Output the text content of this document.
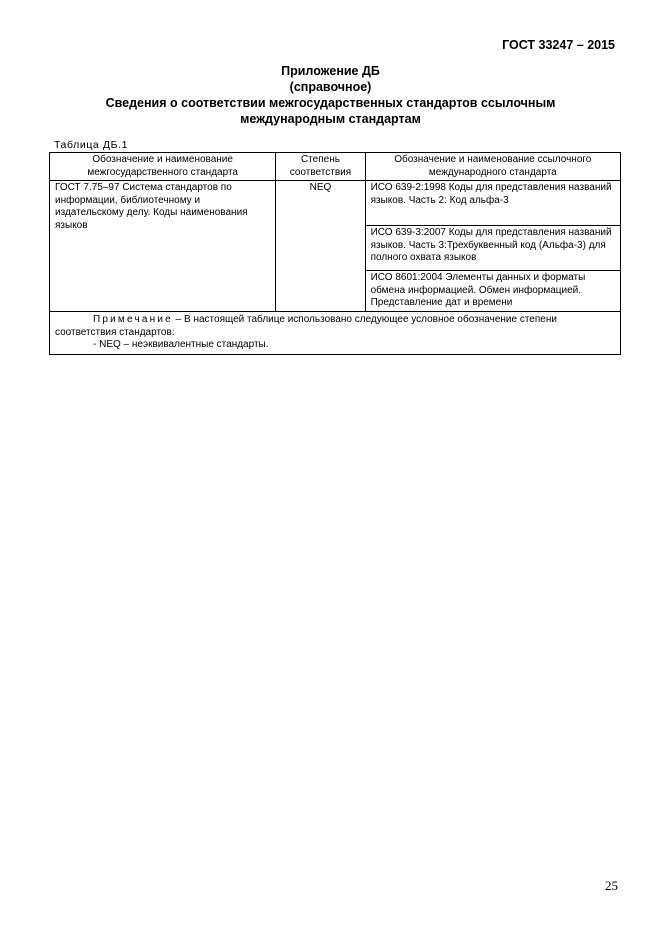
ГОСТ 33247 – 2015
Приложение ДБ
(справочное)
Сведения о соответствии межгосударственных стандартов ссылочным
международным стандартам
Таблица ДБ.1
Обозначение и наименование межгосударственного стандарта	Степень соответствия	Обозначение и наименование ссылочного международного стандарта
ГОСТ 7.75–97 Система стандартов по информации, библиотечному и издательскому делу. Коды наименования языков	NEQ	ИСО 639-2:1998 Коды для представления названий языков. Часть 2: Код альфа-3
		ИСО 639-3:2007 Коды для представления названий языков. Часть 3:Трехбуквенный код (Альфа-3) для полного охвата языков
		ИСО 8601:2004 Элементы данных и форматы обмена информацией. Обмен информацией. Представление дат и времени

Примечание – В настоящей таблице использовано следующее условное обозначение степени соответствия стандартов:
- NEQ – неэквивалентные стандарты.		
25
